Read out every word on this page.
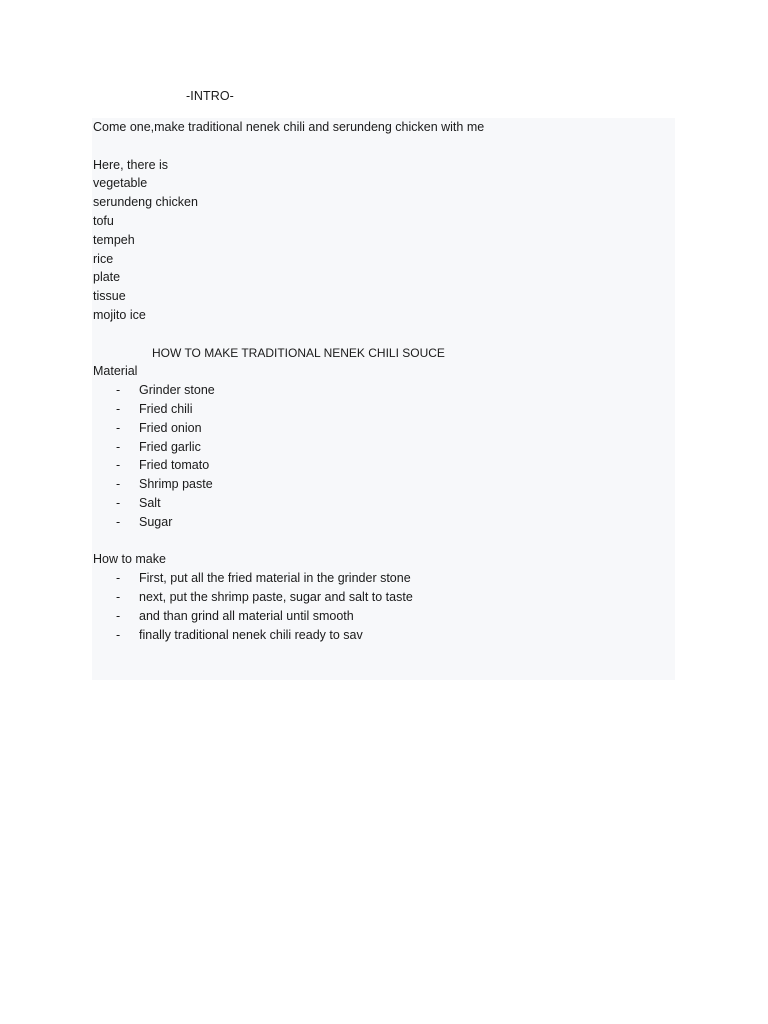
-INTRO-
Come one,make traditional nenek chili and serundeng chicken with me
Here, there is
vegetable
serundeng chicken
tofu
tempeh
rice
plate
tissue
mojito ice
HOW TO MAKE TRADITIONAL NENEK CHILI SOUCE
Material
- Grinder stone
- Fried chili
- Fried onion
- Fried garlic
- Fried tomato
- Shrimp paste
- Salt
- Sugar
How to make
- First, put all the fried material in the grinder stone
- next, put the shrimp paste, sugar and salt to taste
- and than grind all material until smooth
- finally traditional nenek chili ready to sav
